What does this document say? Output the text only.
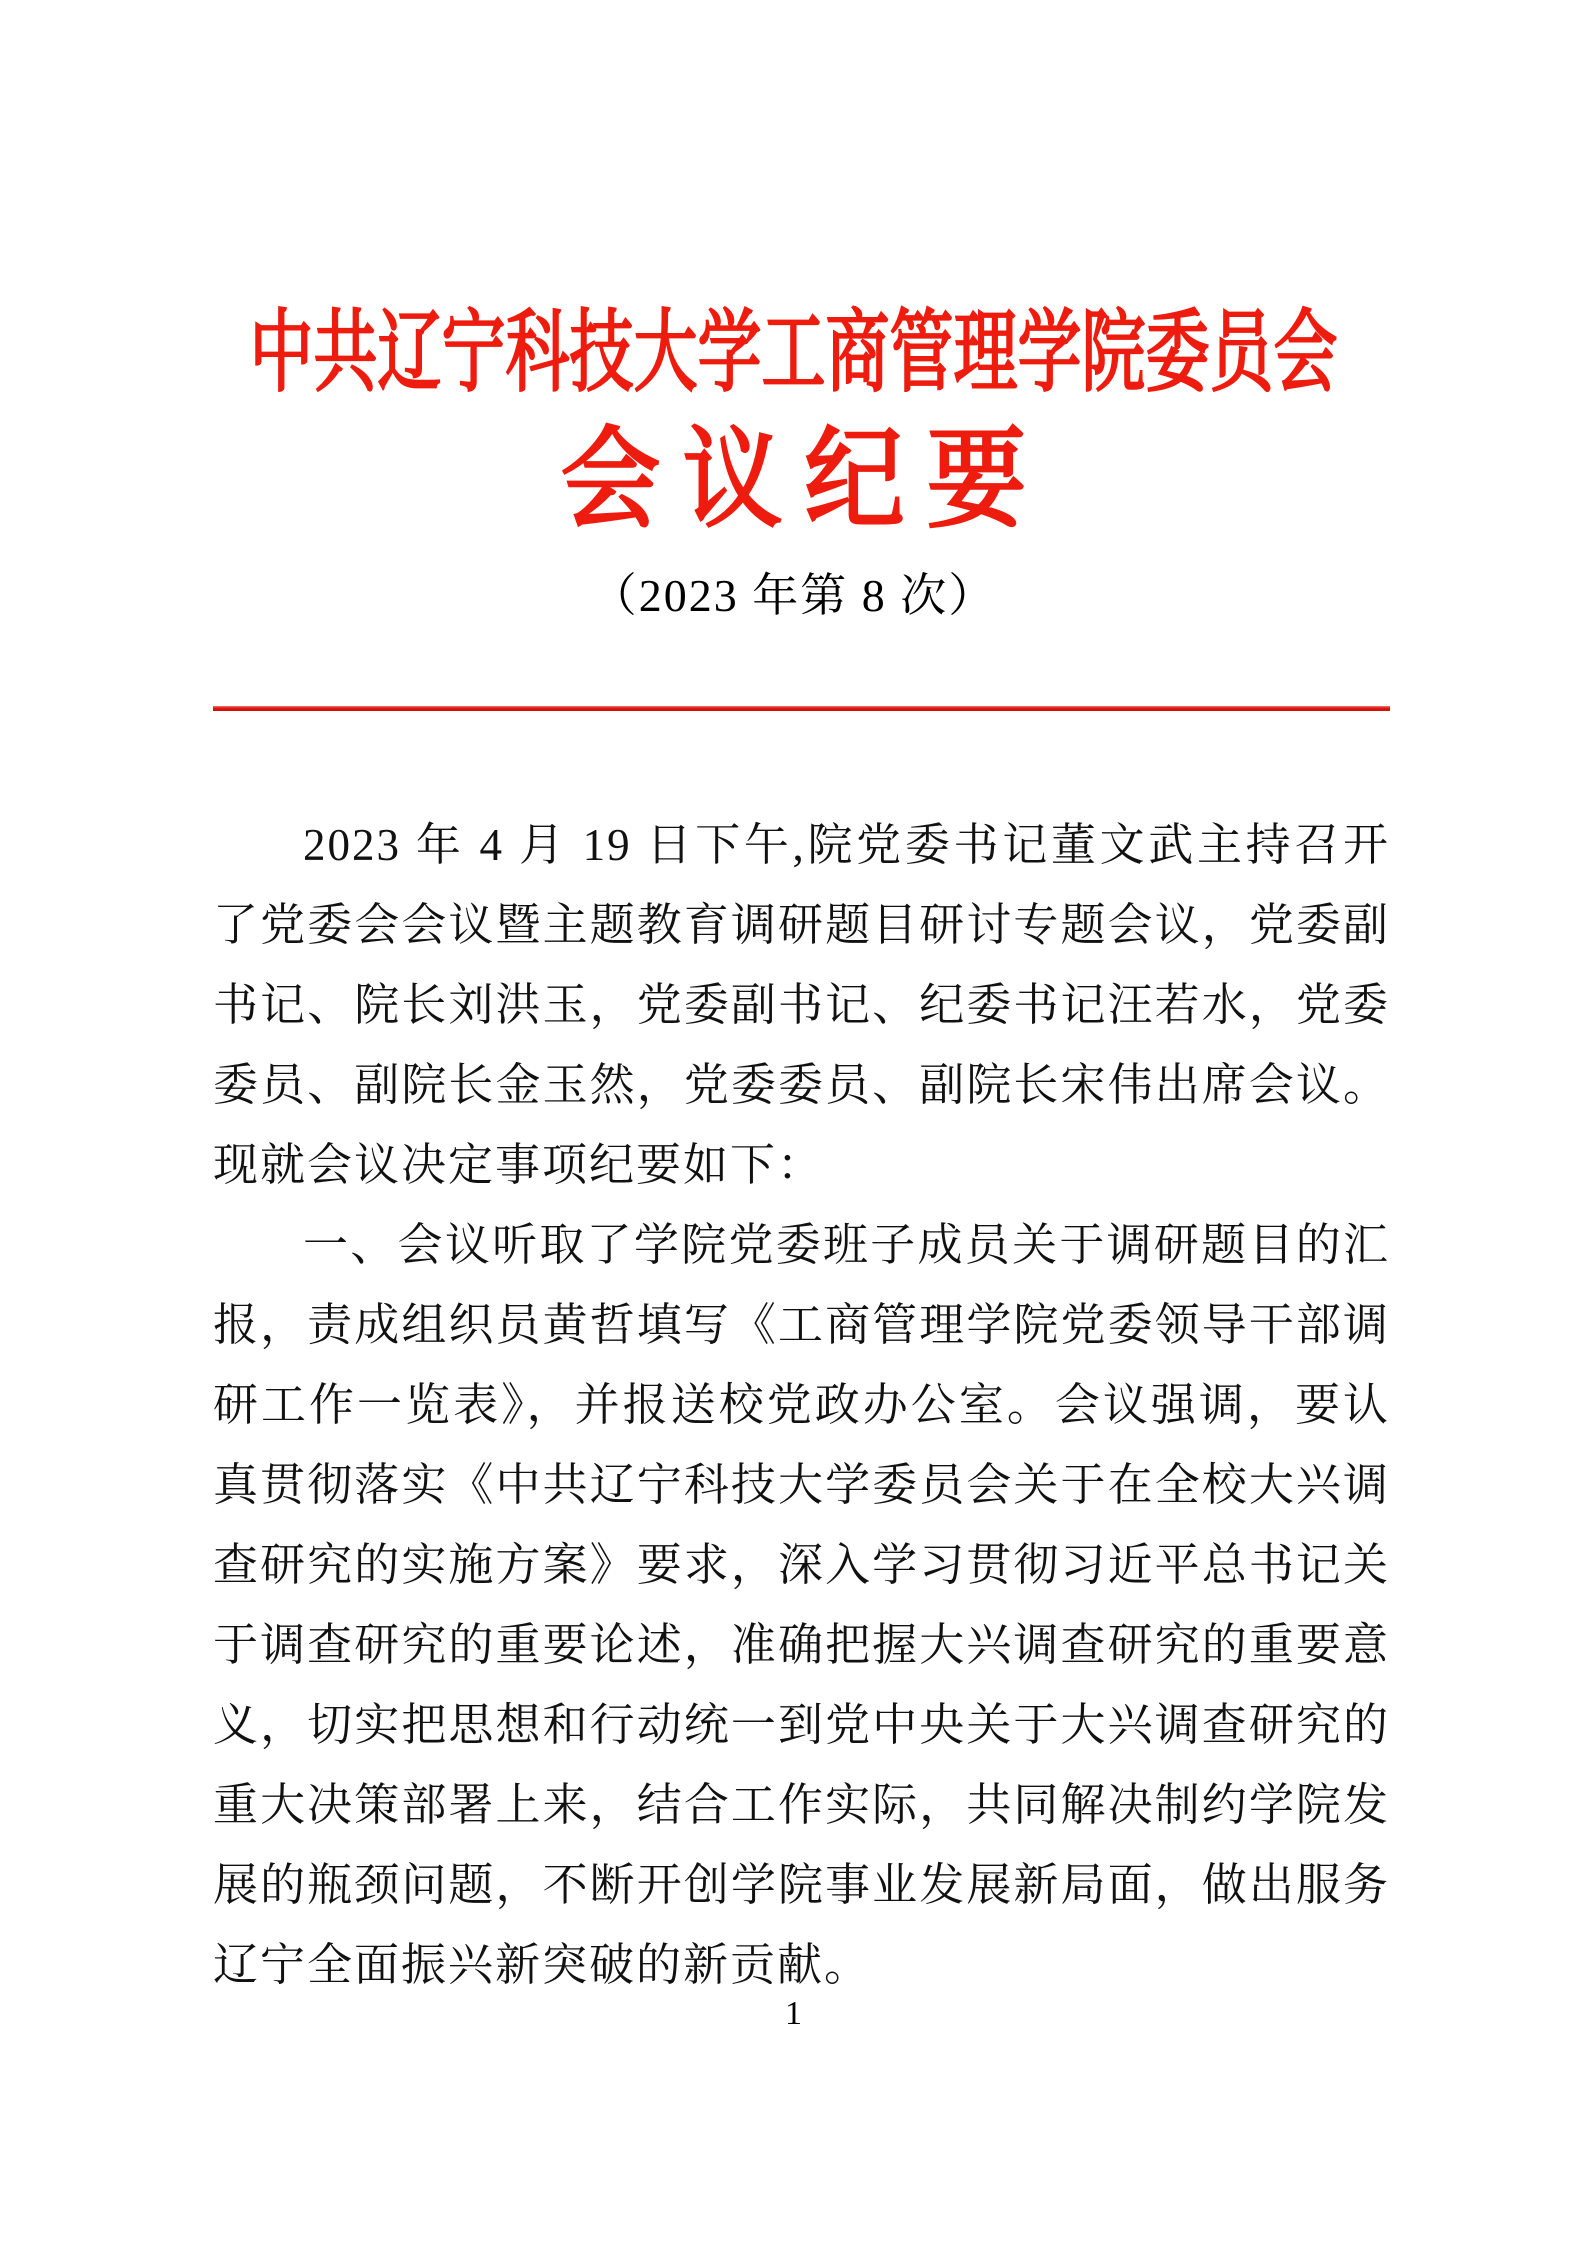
中共辽宁科技大学工商管理学院委员会
会议纪要
（2023 年第 8 次）

2023 年 4 月 19 日下午,院党委书记董文武主持召开了党委会会议暨主题教育调研题目研讨专题会议，党委副书记、院长刘洪玉，党委副书记、纪委书记汪若水，党委委员、副院长金玉然，党委委员、副院长宋伟出席会议。现就会议决定事项纪要如下：

一、会议听取了学院党委班子成员关于调研题目的汇报，责成组织员黄哲填写《工商管理学院党委领导干部调研工作一览表》，并报送校党政办公室。会议强调，要认真贯彻落实《中共辽宁科技大学委员会关于在全校大兴调查研究的实施方案》要求，深入学习贯彻习近平总书记关于调查研究的重要论述，准确把握大兴调查研究的重要意义，切实把思想和行动统一到党中央关于大兴调查研究的重大决策部署上来，结合工作实际，共同解决制约学院发展的瓶颈问题，不断开创学院事业发展新局面，做出服务辽宁全面振兴新突破的新贡献。

1
